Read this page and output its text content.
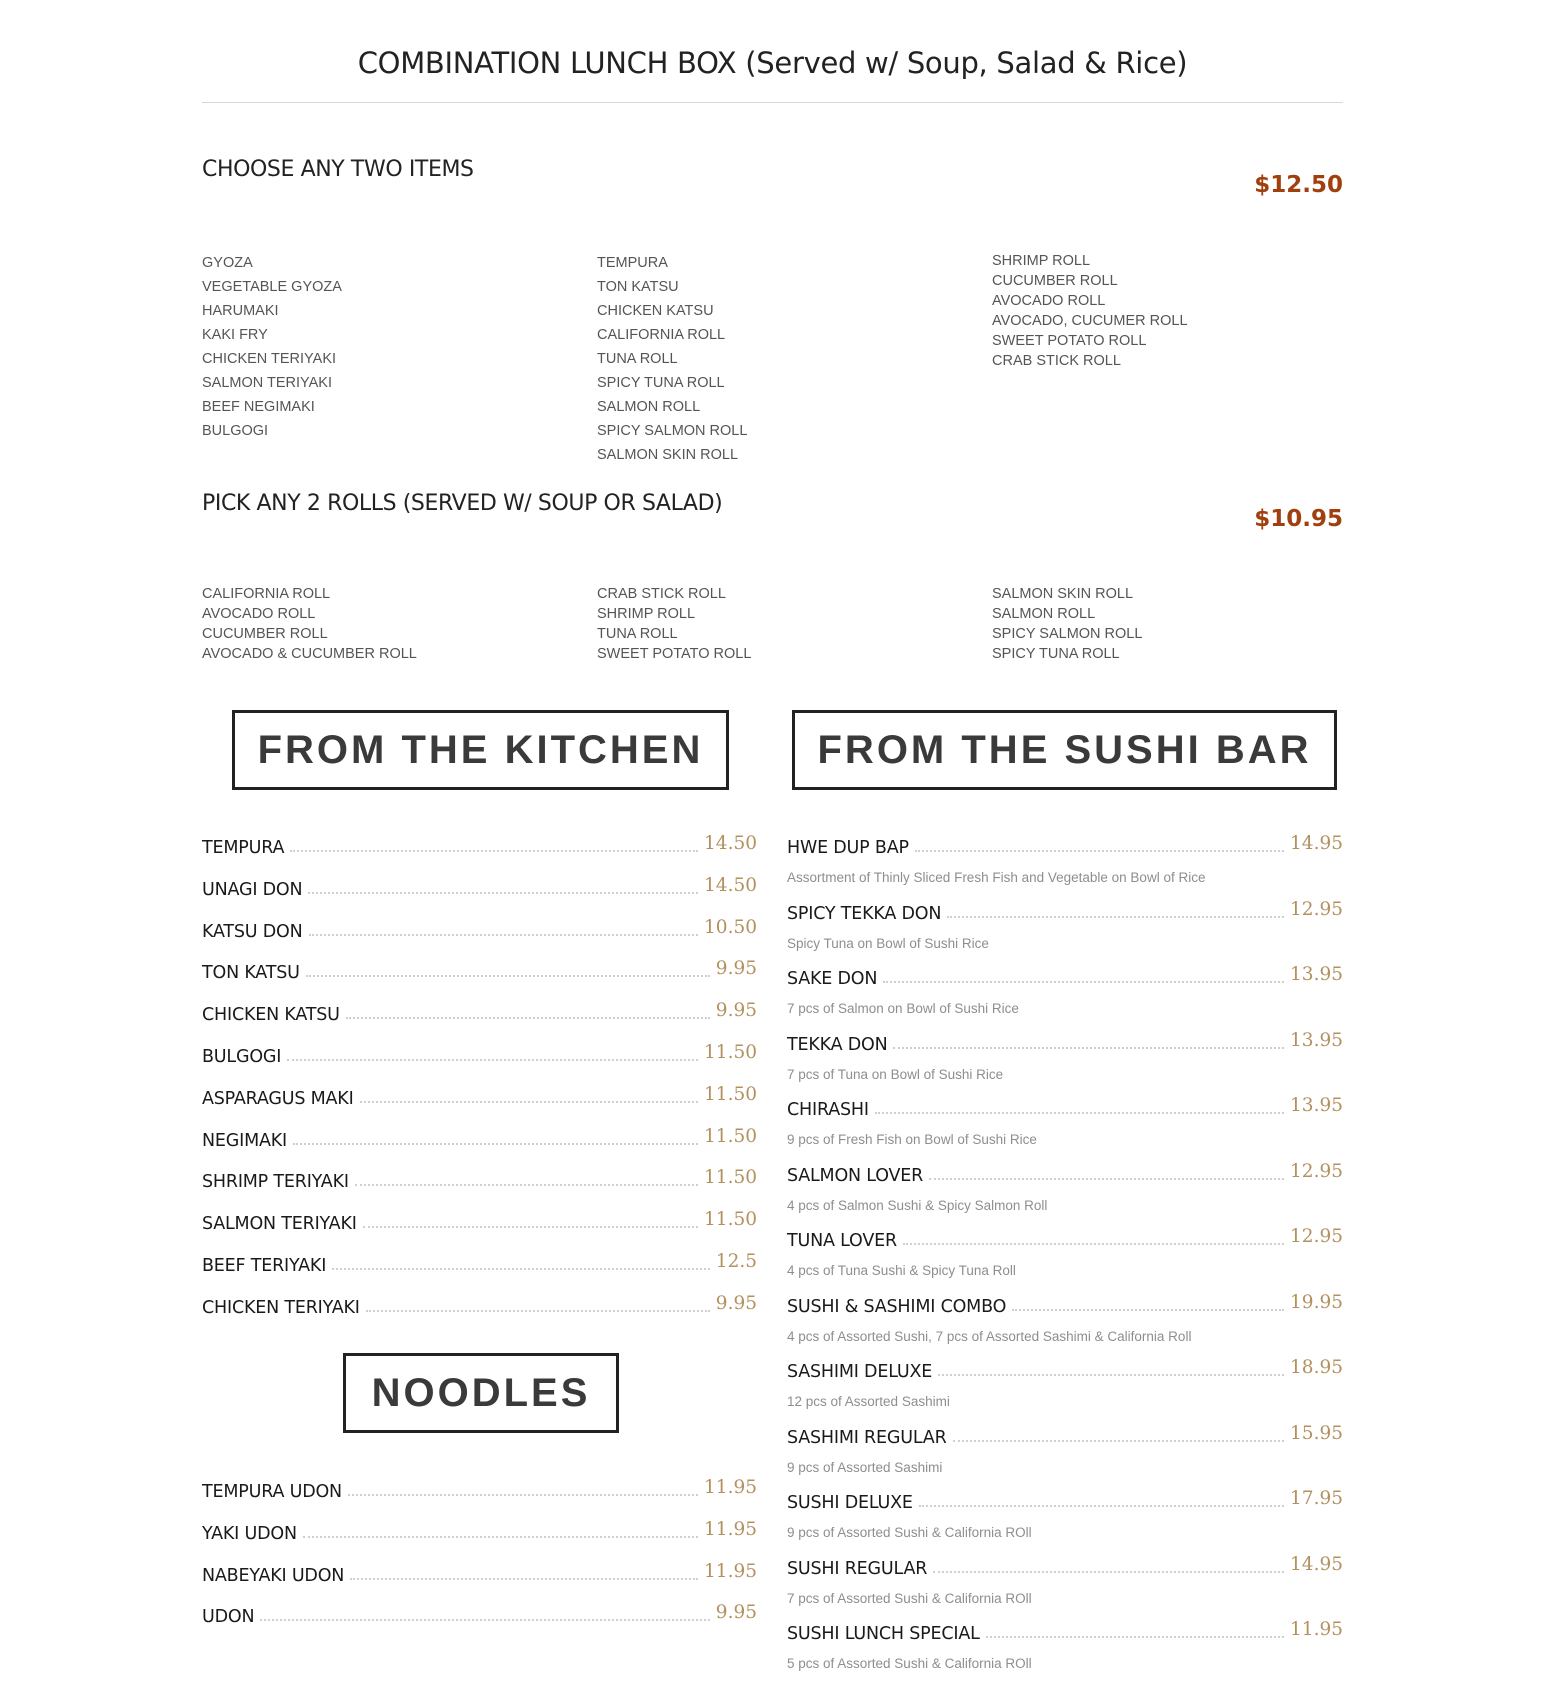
COMBINATION LUNCH BOX (Served w/ Soup, Salad & Rice)
CHOOSE ANY TWO ITEMS
$12.50
GYOZA
VEGETABLE GYOZA
HARUMAKI
KAKI FRY
CHICKEN TERIYAKI
SALMON TERIYAKI
BEEF NEGIMAKI
BULGOGI
TEMPURA
TON KATSU
CHICKEN KATSU
CALIFORNIA ROLL
TUNA ROLL
SPICY TUNA ROLL
SALMON ROLL
SPICY SALMON ROLL
SALMON SKIN ROLL
SHRIMP ROLL
CUCUMBER ROLL
AVOCADO ROLL
AVOCADO, CUCUMER ROLL
SWEET POTATO ROLL
CRAB STICK ROLL
PICK ANY 2 ROLLS (SERVED W/ SOUP OR SALAD)
$10.95
CALIFORNIA ROLL
AVOCADO ROLL
CUCUMBER ROLL
AVOCADO & CUCUMBER ROLL
CRAB STICK ROLL
SHRIMP ROLL
TUNA ROLL
SWEET POTATO ROLL
SALMON SKIN ROLL
SALMON ROLL
SPICY SALMON ROLL
SPICY TUNA ROLL
FROM THE KITCHEN	FROM THE SUSHI BAR
TEMPURA	14.50
UNAGI DON	14.50
KATSU DON	10.50
TON KATSU	9.95
CHICKEN KATSU	9.95
BULGOGI	11.50
ASPARAGUS MAKI	11.50
NEGIMAKI	11.50
SHRIMP TERIYAKI	11.50
SALMON TERIYAKI	11.50
BEEF TERIYAKI	12.5
CHICKEN TERIYAKI	9.95
NOODLES
TEMPURA UDON	11.95
YAKI UDON	11.95
NABEYAKI UDON	11.95
UDON	9.95
HWE DUP BAP	14.95
Assortment of Thinly Sliced Fresh Fish and Vegetable on Bowl of Rice
SPICY TEKKA DON	12.95
Spicy Tuna on Bowl of Sushi Rice
SAKE DON	13.95
7 pcs of Salmon on Bowl of Sushi Rice
TEKKA DON	13.95
7 pcs of Tuna on Bowl of Sushi Rice
CHIRASHI	13.95
9 pcs of Fresh Fish on Bowl of Sushi Rice
SALMON LOVER	12.95
4 pcs of Salmon Sushi & Spicy Salmon Roll
TUNA LOVER	12.95
4 pcs of Tuna Sushi & Spicy Tuna Roll
SUSHI & SASHIMI COMBO	19.95
4 pcs of Assorted Sushi, 7 pcs of Assorted Sashimi & California Roll
SASHIMI DELUXE	18.95
12 pcs of Assorted Sashimi
SASHIMI REGULAR	15.95
9 pcs of Assorted Sashimi
SUSHI DELUXE	17.95
9 pcs of Assorted Sushi & California ROll
SUSHI REGULAR	14.95
7 pcs of Assorted Sushi & California ROll
SUSHI LUNCH SPECIAL	11.95
5 pcs of Assorted Sushi & California ROll
